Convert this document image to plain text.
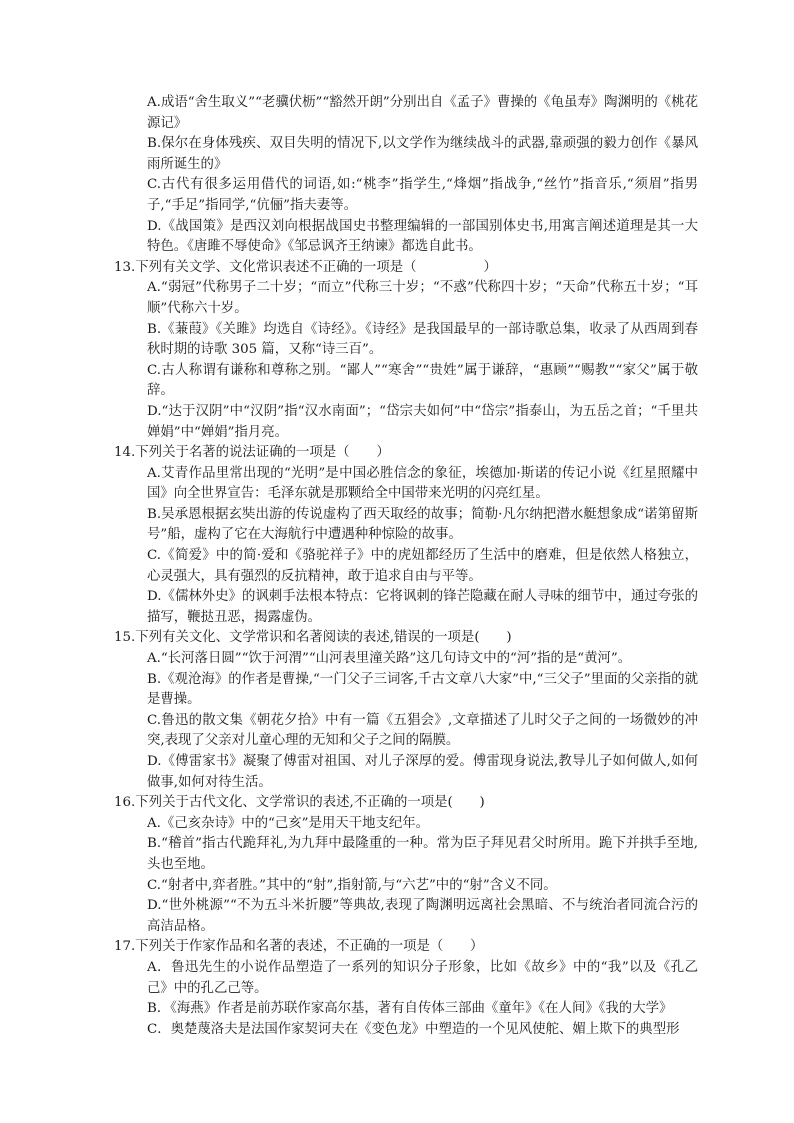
A.成语“舍生取义”“老骥伏枥”“豁然开朗”分别出自《孟子》曹操的《龟虽寿》陶渊明的《桃花源记》

B.保尔在身体残疾、双目失明的情况下,以文学作为继续战斗的武器,靠顽强的毅力创作《暴风雨所诞生的》

C.古代有很多运用借代的词语,如:“桃李”指学生,“烽烟”指战争,“丝竹”指音乐,“须眉”指男子,“手足”指同学,“伉俪”指夫妻等。

D.《战国策》是西汉刘向根据战国史书整理编辑的一部国别体史书,用寓言阐述道理是其一大特色。《唐雎不辱使命》《邹忌讽齐王纳谏》都选自此书。

13.下列有关文学、文化常识表述不正确的一项是（　　　　　）

A.“弱冠”代称男子二十岁；“而立”代称三十岁；“不惑”代称四十岁；“天命”代称五十岁；“耳顺”代称六十岁。

B.《蒹葭》《关雎》均选自《诗经》。《诗经》是我国最早的一部诗歌总集，收录了从西周到春秋时期的诗歌 305 篇，又称“诗三百”。

C.古人称谓有谦称和尊称之别。“鄙人”“寒舍”“贵姓”属于谦辞，“惠顾”“赐教”“家父”属于敬辞。

D.“达于汉阴”中“汉阴”指“汉水南面”；“岱宗夫如何”中“岱宗”指泰山，为五岳之首；“千里共婵娟”中“婵娟”指月亮。

14.下列关于名著的说法证确的一项是（　　）

A.艾青作品里常出现的“光明”是中国必胜信念的象征，埃德加·斯诺的传记小说《红星照耀中国》向全世界宣告：毛泽东就是那颗给全中国带来光明的闪亮红星。

B.吴承恩根据玄奘出游的传说虚构了西天取经的故事；简勒·凡尔纳把潜水艇想象成“诺第留斯号”船，虚构了它在大海航行中遭遇种种惊险的故事。

C.《简爱》中的简·爱和《骆驼祥子》中的虎妞都经历了生活中的磨难，但是依然人格独立，心灵强大，具有强烈的反抗精神，敢于追求自由与平等。

D.《儒林外史》的讽刺手法根本特点：它将讽刺的锋芒隐藏在耐人寻味的细节中，通过夸张的描写，鞭挞丑恶，揭露虚伪。

15.下列有关文化、文学常识和名著阅读的表述,错误的一项是(　　)

A.“长河落日圆”“饮于河渭”“山河表里潼关路”这几句诗文中的“河”指的是“黄河”。

B.《观沧海》的作者是曹操,“一门父子三词客,千古文章八大家”中,“三父子”里面的父亲指的就是曹操。

C.鲁迅的散文集《朝花夕拾》中有一篇《五猖会》,文章描述了儿时父子之间的一场微妙的冲突,表现了父亲对儿童心理的无知和父子之间的隔膜。

D.《傅雷家书》凝聚了傅雷对祖国、对儿子深厚的爱。傅雷现身说法,教导儿子如何做人,如何做事,如何对待生活。

16.下列关于古代文化、文学常识的表述,不正确的一项是(　　)

A.《己亥杂诗》中的“己亥”是用天干地支纪年。

B.“稽首”指古代跪拜礼,为九拜中最隆重的一种。常为臣子拜见君父时所用。跪下并拱手至地,头也至地。

C.“射者中,弈者胜。”其中的“射”,指射箭,与“六艺”中的“射”含义不同。

D.“世外桃源”“不为五斗米折腰”等典故,表现了陶渊明远离社会黑暗、不与统治者同流合污的高洁品格。

17.下列关于作家作品和名著的表述，不正确的一项是（　　）

A．鲁迅先生的小说作品塑造了一系列的知识分子形象，比如《故乡》中的“我”以及《孔乙己》中的孔乙己等。

B．《海燕》作者是前苏联作家高尔基，著有自传体三部曲《童年》《在人间》《我的大学》

C．奥楚蔑洛夫是法国作家契诃夫在《变色龙》中塑造的一个见风使舵、媚上欺下的典型形
